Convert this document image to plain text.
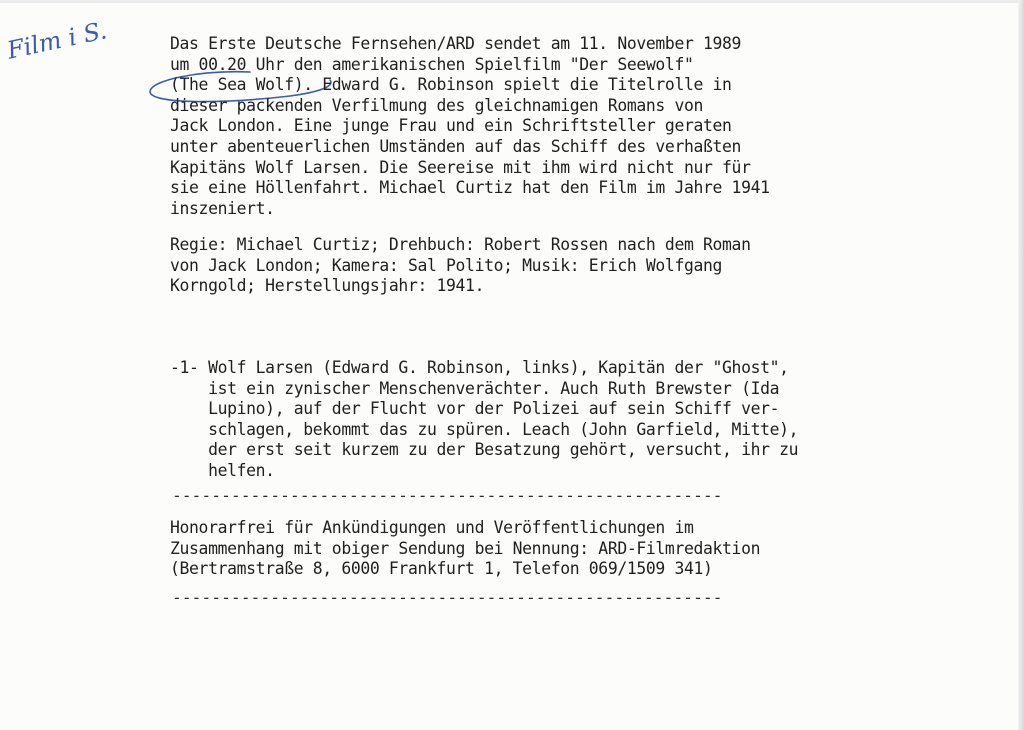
Film i S.	Das Erste Deutsche Fernsehen/ARD sendet am 11. November 1989
um 00.20 Uhr den amerikanischen Spielfilm "Der Seewolf"
(The Sea Wolf). Edward G. Robinson spielt die Titelrolle in
dieser packenden Verfilmung des gleichnamigen Romans von
Jack London. Eine junge Frau und ein Schriftsteller geraten
unter abenteuerlichen Umständen auf das Schiff des verhaßten
Kapitäns Wolf Larsen. Die Seereise mit ihm wird nicht nur für
sie eine Höllenfahrt. Michael Curtiz hat den Film im Jahre 1941
inszeniert.
Regie: Michael Curtiz; Drehbuch: Robert Rossen nach dem Roman
von Jack London; Kamera: Sal Polito; Musik: Erich Wolfgang
Korngold; Herstellungsjahr: 1941.
-1- Wolf Larsen (Edward G. Robinson, links), Kapitän der "Ghost",
ist ein zynischer Menschenverächter. Auch Ruth Brewster (Ida
Lupino), auf der Flucht vor der Polizei auf sein Schiff ver-
schlagen, bekommt das zu spüren. Leach (John Garfield, Mitte),
der erst seit kurzem zu der Besatzung gehört, versucht, ihr zu
helfen.
--------------------------------------------------------
Honorarfrei für Ankündigungen und Veröffentlichungen im
Zusammenhang mit obiger Sendung bei Nennung: ARD-Filmredaktion
(Bertramstraße 8, 6000 Frankfurt 1, Telefon 069/1509 341)
--------------------------------------------------------
